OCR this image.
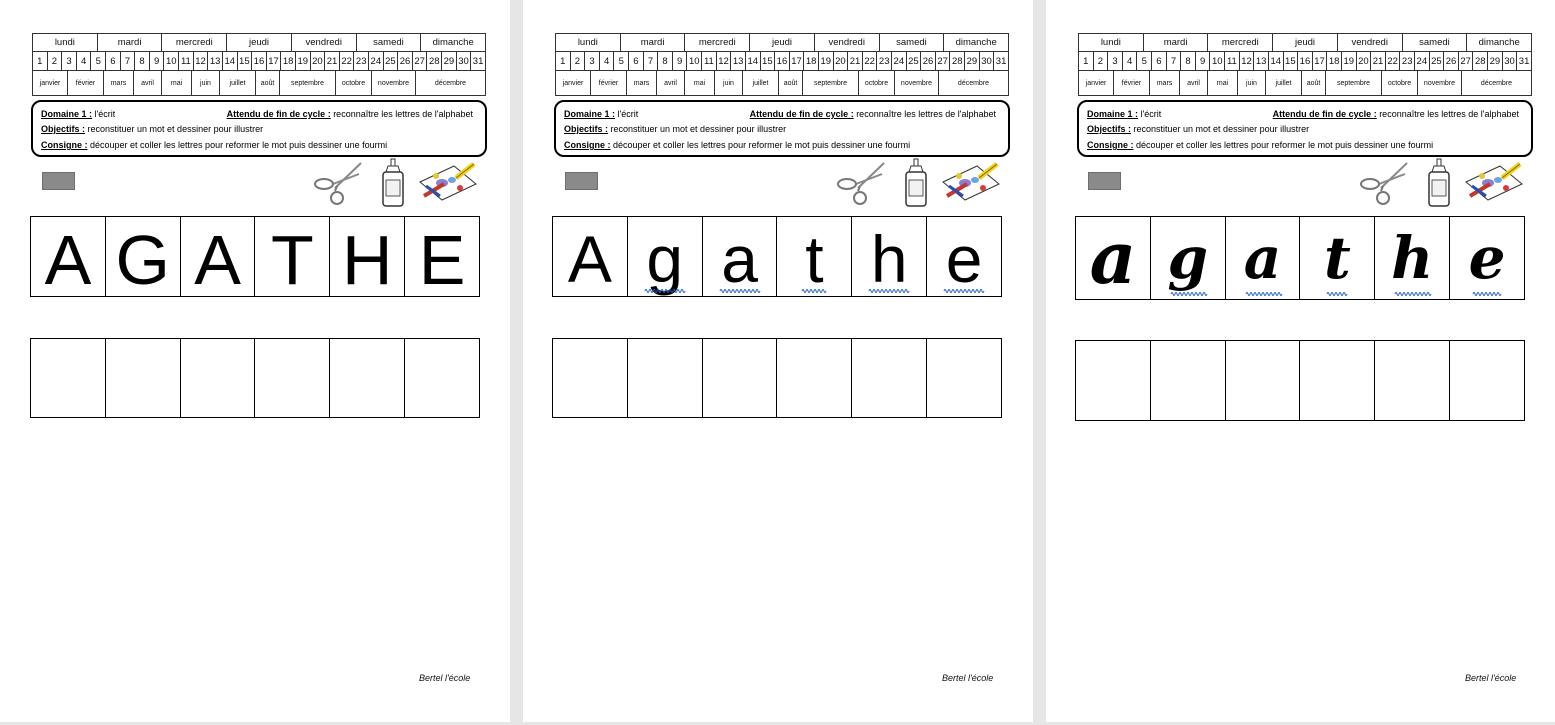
lundi	mardi	mercredi	jeudi	vendredi	samedi	dimanche
1 2 3 4 5 6 7 8 9 10 11 12 13 14 15 16 17 18 19 20 21 22 23 24 25 26 27 28 29 30 31
janvier	février	mars	avril	mai	juin	juillet	août	septembre	octobre	novembre	décembre
Domaine 1 : l'écrit	Attendu de fin de cycle : reconnaître les lettres de l'alphabet
Objectifs : reconstituer un mot et dessiner pour illustrer
Consigne : découper et coller les lettres pour reformer le mot puis dessiner une fourmi
A G A T H E
Bertel l'école
lundi	mardi	mercredi	jeudi	vendredi	samedi	dimanche
1 2 3 4 5 6 7 8 9 10 11 12 13 14 15 16 17 18 19 20 21 22 23 24 25 26 27 28 29 30 31
janvier	février	mars	avril	mai	juin	juillet	août	septembre	octobre	novembre	décembre
Domaine 1 : l'écrit	Attendu de fin de cycle : reconnaître les lettres de l'alphabet
Objectifs : reconstituer un mot et dessiner pour illustrer
Consigne : découper et coller les lettres pour reformer le mot puis dessiner une fourmi
A g a t h e
Bertel l'école
lundi	mardi	mercredi	jeudi	vendredi	samedi	dimanche
1 2 3 4 5 6 7 8 9 10 11 12 13 14 15 16 17 18 19 20 21 22 23 24 25 26 27 28 29 30 31
janvier	février	mars	avril	mai	juin	juillet	août	septembre	octobre	novembre	décembre
Domaine 1 : l'écrit	Attendu de fin de cycle : reconnaître les lettres de l'alphabet
Objectifs : reconstituer un mot et dessiner pour illustrer
Consigne : découper et coller les lettres pour reformer le mot puis dessiner une fourmi
a g a t h e
Bertel l'école
